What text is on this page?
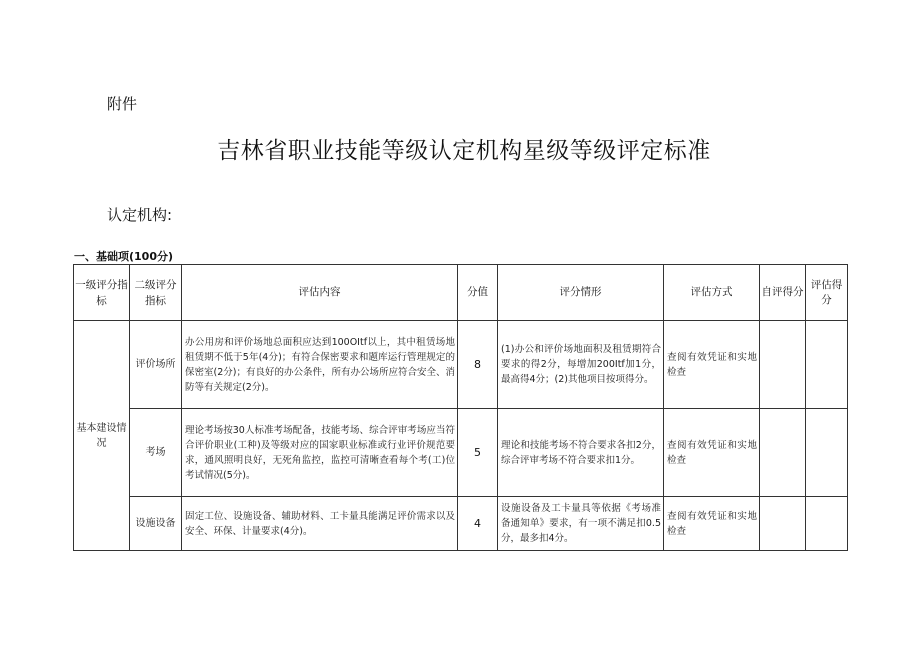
附件
吉林省职业技能等级认定机构星级等级评定标准
认定机构:
一、基础项(100分)
一级评分指标	二级评分指标	评估内容	分值	评分情形	评估方式	自评得分	评估得分
基本建设情况	评价场所	办公用房和评价场地总面积应达到100OItf以上，其中租赁场地租赁期不低于5年(4分)；有符合保密要求和题库运行管理规定的保密室(2分)；有良好的办公条件，所有办公场所应符合安全、消防等有关规定(2分)。	8	(1)办公和评价场地面积及租赁期符合要求的得2分，每增加200Itf加1分，最高得4分；(2)其他项目按项得分。	查阅有效凭证和实地检查		
	考场	理论考场按30人标准考场配备，技能考场、综合评审考场应当符合评价职业(工种)及等级对应的国家职业标准或行业评价规范要求，通风照明良好，无死角监控，监控可清晰查看每个考(工)位考试情况(5分)。	5	理论和技能考场不符合要求各扣2分，综合评审考场不符合要求扣1分。	查阅有效凭证和实地检查		
	设施设备	固定工位、设施设备、辅助材料、工卡量具能满足评价需求以及安全、环保、计量要求(4分)。	4	设施设备及工卡量具等依据《考场准备通知单》要求，有一项不满足扣0.5分，最多扣4分。	查阅有效凭证和实地检查		
